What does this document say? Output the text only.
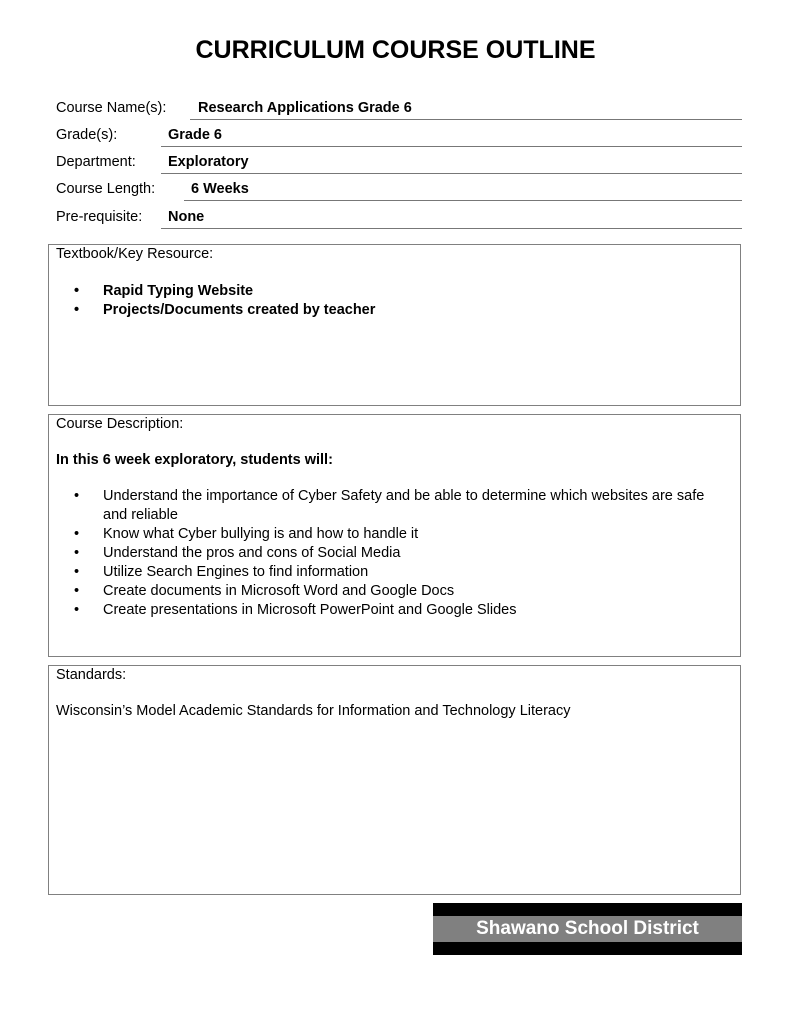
CURRICULUM COURSE OUTLINE
Course Name(s): Research Applications Grade 6
Grade(s):	Grade 6
Department: Exploratory
Course Length: 6 Weeks
Pre-requisite: None
Textbook/Key Resource:
• Rapid Typing Website
• Projects/Documents created by teacher
Course Description:
In this 6 week exploratory, students will:
• Understand the importance of Cyber Safety and be able to determine which websites are safe and reliable
• Know what Cyber bullying is and how to handle it
• Understand the pros and cons of Social Media
• Utilize Search Engines to find information
• Create documents in Microsoft Word and Google Docs
• Create presentations in Microsoft PowerPoint and Google Slides
Standards:
Wisconsin’s Model Academic Standards for Information and Technology Literacy
Shawano School District
